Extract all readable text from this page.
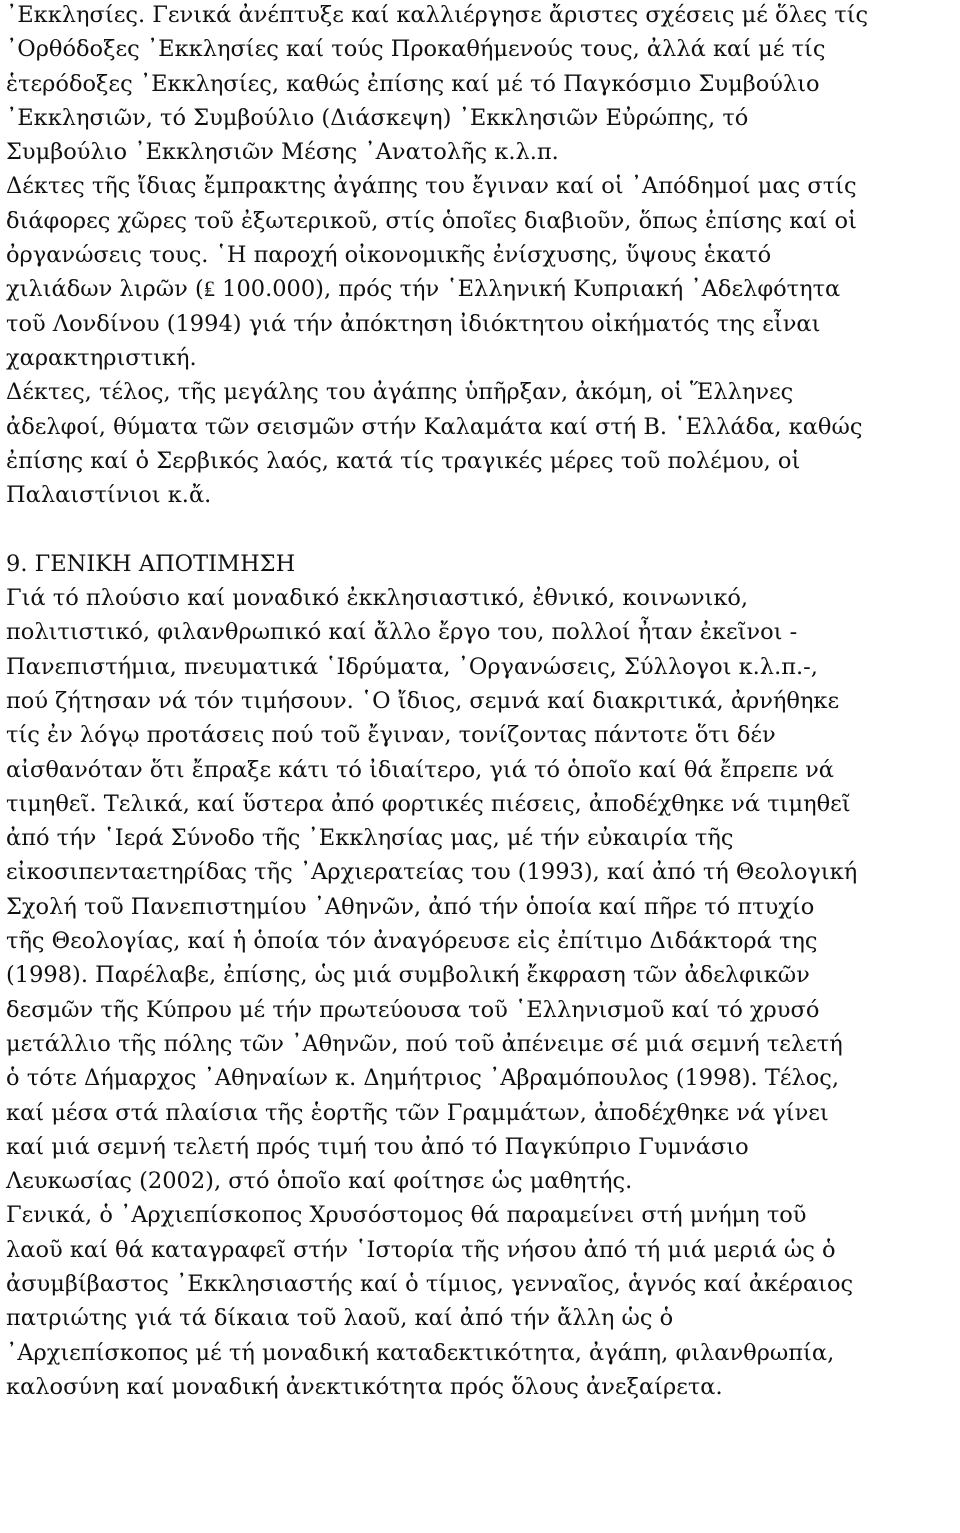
᾿Εκκλησίες. Γενικά ἀνέπτυξε καί καλλιέργησε ἄριστες σχέσεις μέ ὅλες τίς
᾿Ορθόδοξες ᾿Εκκλησίες καί τούς Προκαθήμενούς τους, ἀλλά καί μέ τίς
ἑτερόδοξες ᾿Εκκλησίες, καθώς ἐπίσης καί μέ τό Παγκόσμιο Συμβούλιο
᾿Εκκλησιῶν, τό Συμβούλιο (Διάσκεψη) ᾿Εκκλησιῶν Εὐρώπης, τό
Συμβούλιο ᾿Εκκλησιῶν Μέσης ᾿Ανατολῆς κ.λ.π.
Δέκτες τῆς ἴδιας ἔμπρακτης ἀγάπης του ἔγιναν καί οἱ ᾿Απόδημοί μας στίς
διάφορες χῶρες τοῦ ἐξωτερικοῦ, στίς ὁποῖες διαβιοῦν, ὅπως ἐπίσης καί οἱ
ὀργανώσεις τους. ῾Η παροχή οἰκονομικῆς ἐνίσχυσης, ὕψους ἑκατό
χιλιάδων λιρῶν (₤ 100.000), πρός τήν ῾Ελληνική Κυπριακή ᾿Αδελφότητα
τοῦ Λονδίνου (1994) γιά τήν ἀπόκτηση ἰδιόκτητου οἰκήματός της εἶναι
χαρακτηριστική.
Δέκτες, τέλος, τῆς μεγάλης του ἀγάπης ὑπῆρξαν, ἀκόμη, οἱ Ἕλληνες
ἀδελφοί, θύματα τῶν σεισμῶν στήν Καλαμάτα καί στή Β. ῾Ελλάδα, καθώς
ἐπίσης καί ὁ Σερβικός λαός, κατά τίς τραγικές μέρες τοῦ πολέμου, οἱ
Παλαιστίνιοι κ.ἄ.
9. ΓΕΝΙΚΗ ΑΠΟΤΙΜΗΣΗ
Γιά τό πλούσιο καί μοναδικό ἐκκλησιαστικό, ἐθνικό, κοινωνικό,
πολιτιστικό, φιλανθρωπικό καί ἄλλο ἔργο του, πολλοί ἦταν ἐκεῖνοι -
Πανεπιστήμια, πνευματικά ῾Ιδρύματα, ᾿Οργανώσεις, Σύλλογοι κ.λ.π.-,
πού ζήτησαν νά τόν τιμήσουν. ῾Ο ἴδιος, σεμνά καί διακριτικά, ἀρνήθηκε
τίς ἐν λόγῳ προτάσεις πού τοῦ ἔγιναν, τονίζοντας πάντοτε ὅτι δέν
αἰσθανόταν ὅτι ἔπραξε κάτι τό ἰδιαίτερο, γιά τό ὁποῖο καί θά ἔπρεπε νά
τιμηθεῖ. Τελικά, καί ὕστερα ἀπό φορτικές πιέσεις, ἀποδέχθηκε νά τιμηθεῖ
ἀπό τήν ῾Ιερά Σύνοδο τῆς ᾿Εκκλησίας μας, μέ τήν εὐκαιρία τῆς
εἰκοσιπενταετηρίδας τῆς ᾿Αρχιερατείας του (1993), καί ἀπό τή Θεολογική
Σχολή τοῦ Πανεπιστημίου ᾿Αθηνῶν, ἀπό τήν ὁποία καί πῆρε τό πτυχίο
τῆς Θεολογίας, καί ἡ ὁποία τόν ἀναγόρευσε εἰς ἐπίτιμο Διδάκτορά της
(1998). Παρέλαβε, ἐπίσης, ὡς μιά συμβολική ἔκφραση τῶν ἀδελφικῶν
δεσμῶν τῆς Κύπρου μέ τήν πρωτεύουσα τοῦ ῾Ελληνισμοῦ καί τό χρυσό
μετάλλιο τῆς πόλης τῶν ᾿Αθηνῶν, πού τοῦ ἀπένειμε σέ μιά σεμνή τελετή
ὁ τότε Δήμαρχος ᾿Αθηναίων κ. Δημήτριος ᾿Αβραμόπουλος (1998). Τέλος,
καί μέσα στά πλαίσια τῆς ἑορτῆς τῶν Γραμμάτων, ἀποδέχθηκε νά γίνει
καί μιά σεμνή τελετή πρός τιμή του ἀπό τό Παγκύπριο Γυμνάσιο
Λευκωσίας (2002), στό ὁποῖο καί φοίτησε ὡς μαθητής.
Γενικά, ὁ ᾿Αρχιεπίσκοπος Χρυσόστομος θά παραμείνει στή μνήμη τοῦ
λαοῦ καί θά καταγραφεῖ στήν ῾Ιστορία τῆς νήσου ἀπό τή μιά μεριά ὡς ὁ
ἀσυμβίβαστος ᾿Εκκλησιαστής καί ὁ τίμιος, γενναῖος, ἁγνός καί ἀκέραιος
πατριώτης γιά τά δίκαια τοῦ λαοῦ, καί ἀπό τήν ἄλλη ὡς ὁ
᾿Αρχιεπίσκοπος μέ τή μοναδική καταδεκτικότητα, ἀγάπη, φιλανθρωπία,
καλοσύνη καί μοναδική ἀνεκτικότητα πρός ὅλους ἀνεξαίρετα.
